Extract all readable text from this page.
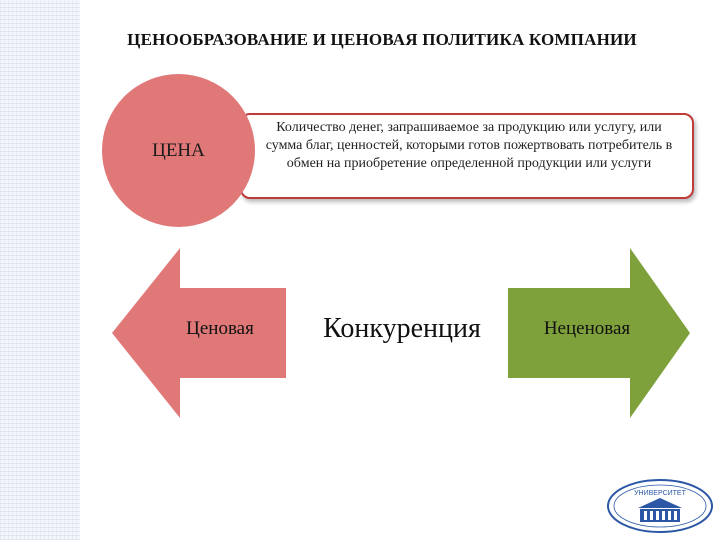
ЦЕНООБРАЗОВАНИЕ И ЦЕНОВАЯ ПОЛИТИКА КОМПАНИИ
Количество денег, запрашиваемое за продукцию или услугу, или сумма благ, ценностей, которыми готов пожертвовать потребитель в обмен на приобретение определенной продукции или услуги
ЦЕНА
Ценовая	Конкуренция	Неценовая
УНИВЕРСИТЕТ
